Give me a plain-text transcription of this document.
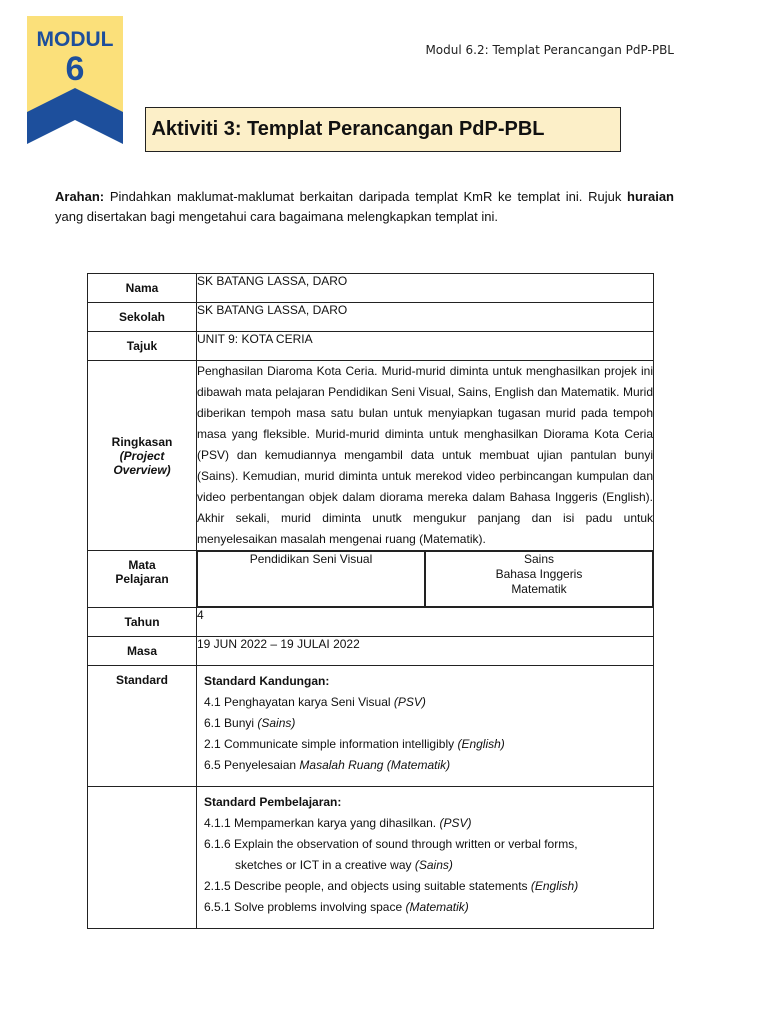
MODUL
6	Modul 6.2: Templat Perancangan PdP-PBL
Aktiviti 3: Templat Perancangan PdP-PBL
Arahan: Pindahkan maklumat-maklumat berkaitan daripada templat KmR ke templat ini. Rujuk huraian yang disertakan bagi mengetahui cara bagaimana melengkapkan templat ini.
Nama	SK BATANG LASSA, DARO
Sekolah	SK BATANG LASSA, DARO
Tajuk	UNIT 9: KOTA CERIA

Ringkasan
(Project
Overview)
	Penghasilan Diaroma Kota Ceria. Murid-murid diminta untuk menghasilkan projek ini dibawah mata pelajaran Pendidikan Seni Visual, Sains, English dan Matematik. Murid diberikan tempoh masa satu bulan untuk menyiapkan tugasan murid pada tempoh masa yang fleksible. Murid-murid diminta untuk menghasilkan Diorama Kota Ceria (PSV) dan kemudiannya mengambil data untuk membuat ujian pantulan bunyi (Sains). Kemudian, murid diminta untuk merekod video perbincangan kumpulan dan video perbentangan objek dalam diorama mereka dalam Bahasa Inggeris (English). Akhir sekali, murid diminta unutk mengukur panjang dan isi padu untuk menyelesaikan masalah mengenai ruang (Matematik).

Mata
Pelajaran

Pendidikan Seni Visual	Sains
Bahasa Inggeris
Matematik

Tahun	4
Masa	19 JUN 2022 – 19 JULAI 2022
Standard	Standard Kandungan:
4.1 Penghayatan karya Seni Visual (PSV)
6.1 Bunyi (Sains)
2.1 Communicate simple information intelligibly (English)
6.5 Penyelesaian Masalah Ruang (Matematik)

Standard Pembelajaran:
4.1.1 Mempamerkan karya yang dihasilkan. (PSV)
6.1.6 Explain the observation of sound through written or verbal forms,
sketches or ICT in a creative way (Sains)
2.1.5 Describe people, and objects using suitable statements (English)
6.5.1 Solve problems involving space (Matematik)
